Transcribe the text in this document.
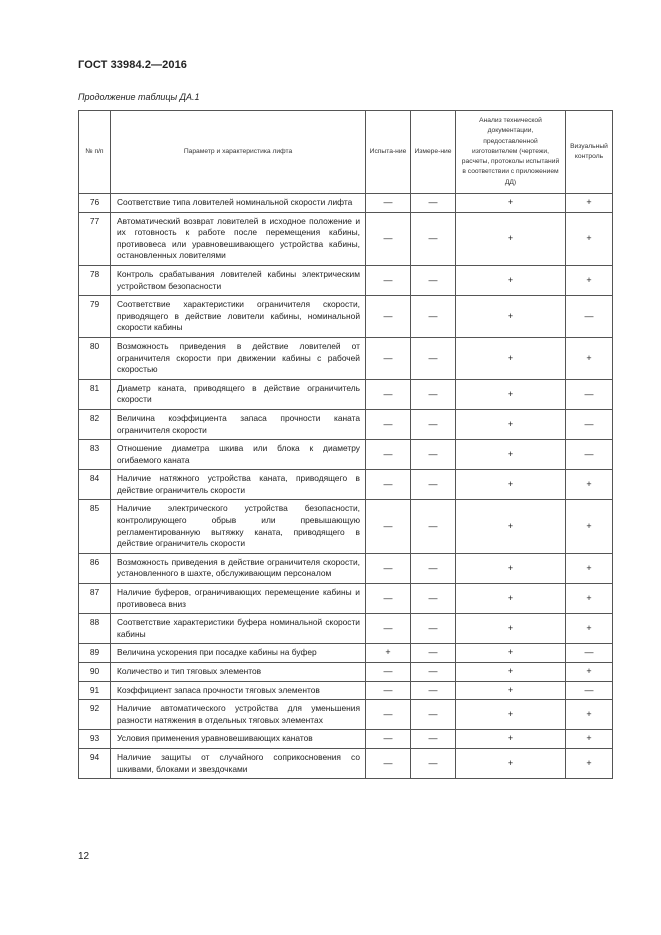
ГОСТ 33984.2—2016
Продолжение таблицы ДА.1
№ п/п	Параметр и характеристика лифта	Испыта-ние	Измере-ние	Анализ технической документации, предоставленной изготовителем (чертежи, расчеты, протоколы испытаний в соответствии с приложением ДД)	Визуальный контроль
76	Соответствие типа ловителей номинальной скорости лифта	—	—	+	+
77	Автоматический возврат ловителей в исходное положение и их готовность к работе после перемещения кабины, противовеса или уравновешивающего устройства кабины, остановленных ловителями	—	—	+	+
78	Контроль срабатывания ловителей кабины электрическим устройством безопасности	—	—	+	+
79	Соответствие характеристики ограничителя скорости, приводящего в действие ловители кабины, номинальной скорости кабины	—	—	+	—
80	Возможность приведения в действие ловителей от ограничителя скорости при движении кабины с рабочей скоростью	—	—	+	+
81	Диаметр каната, приводящего в действие ограничитель скорости	—	—	+	—
82	Величина коэффициента запаса прочности каната ограничителя скорости	—	—	+	—
83	Отношение диаметра шкива или блока к диаметру огибаемого каната	—	—	+	—
84	Наличие натяжного устройства каната, приводящего в действие ограничитель скорости	—	—	+	+
85	Наличие электрического устройства безопасности, контролирующего обрыв или превышающую регламентированную вытяжку каната, приводящего в действие ограничитель скорости	—	—	+	+
86	Возможность приведения в действие ограничителя скорости, установленного в шахте, обслуживающим персоналом	—	—	+	+
87	Наличие буферов, ограничивающих перемещение кабины и противовеса вниз	—	—	+	+
88	Соответствие характеристики буфера номинальной скорости кабины	—	—	+	+
89	Величина ускорения при посадке кабины на буфер	+	—	+	—
90	Количество и тип тяговых элементов	—	—	+	+
91	Коэффициент запаса прочности тяговых элементов	—	—	+	—
92	Наличие автоматического устройства для уменьшения разности натяжения в отдельных тяговых элементах	—	—	+	+
93	Условия применения уравновешивающих канатов	—	—	+	+
94	Наличие защиты от случайного соприкосновения со шкивами, блоками и звездочками	—	—	+	+
12
